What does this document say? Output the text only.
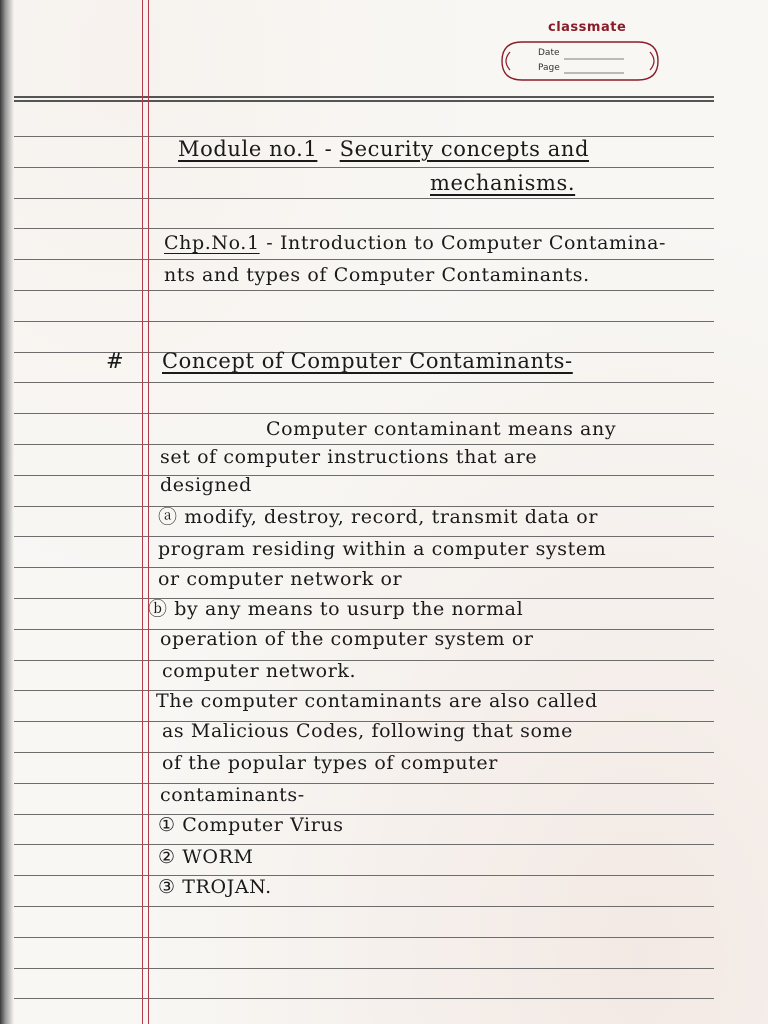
classmate
Date
Page
Module no.1 - Security concepts and
mechanisms.
Chp.No.1 - Introduction to Computer Contamina-
nts and types of Computer Contaminants.
# Concept of Computer Contaminants-
Computer contaminant means any
set of computer instructions that are
designed
ⓐ modify, destroy, record, transmit data or
program residing within a computer system
or computer network or
ⓑ by any means to usurp the normal
operation of the computer system or
computer network.
The computer contaminants are also called
as Malicious Codes, following that some
of the popular types of computer
contaminants-
① Computer Virus
② WORM
③ TROJAN.
